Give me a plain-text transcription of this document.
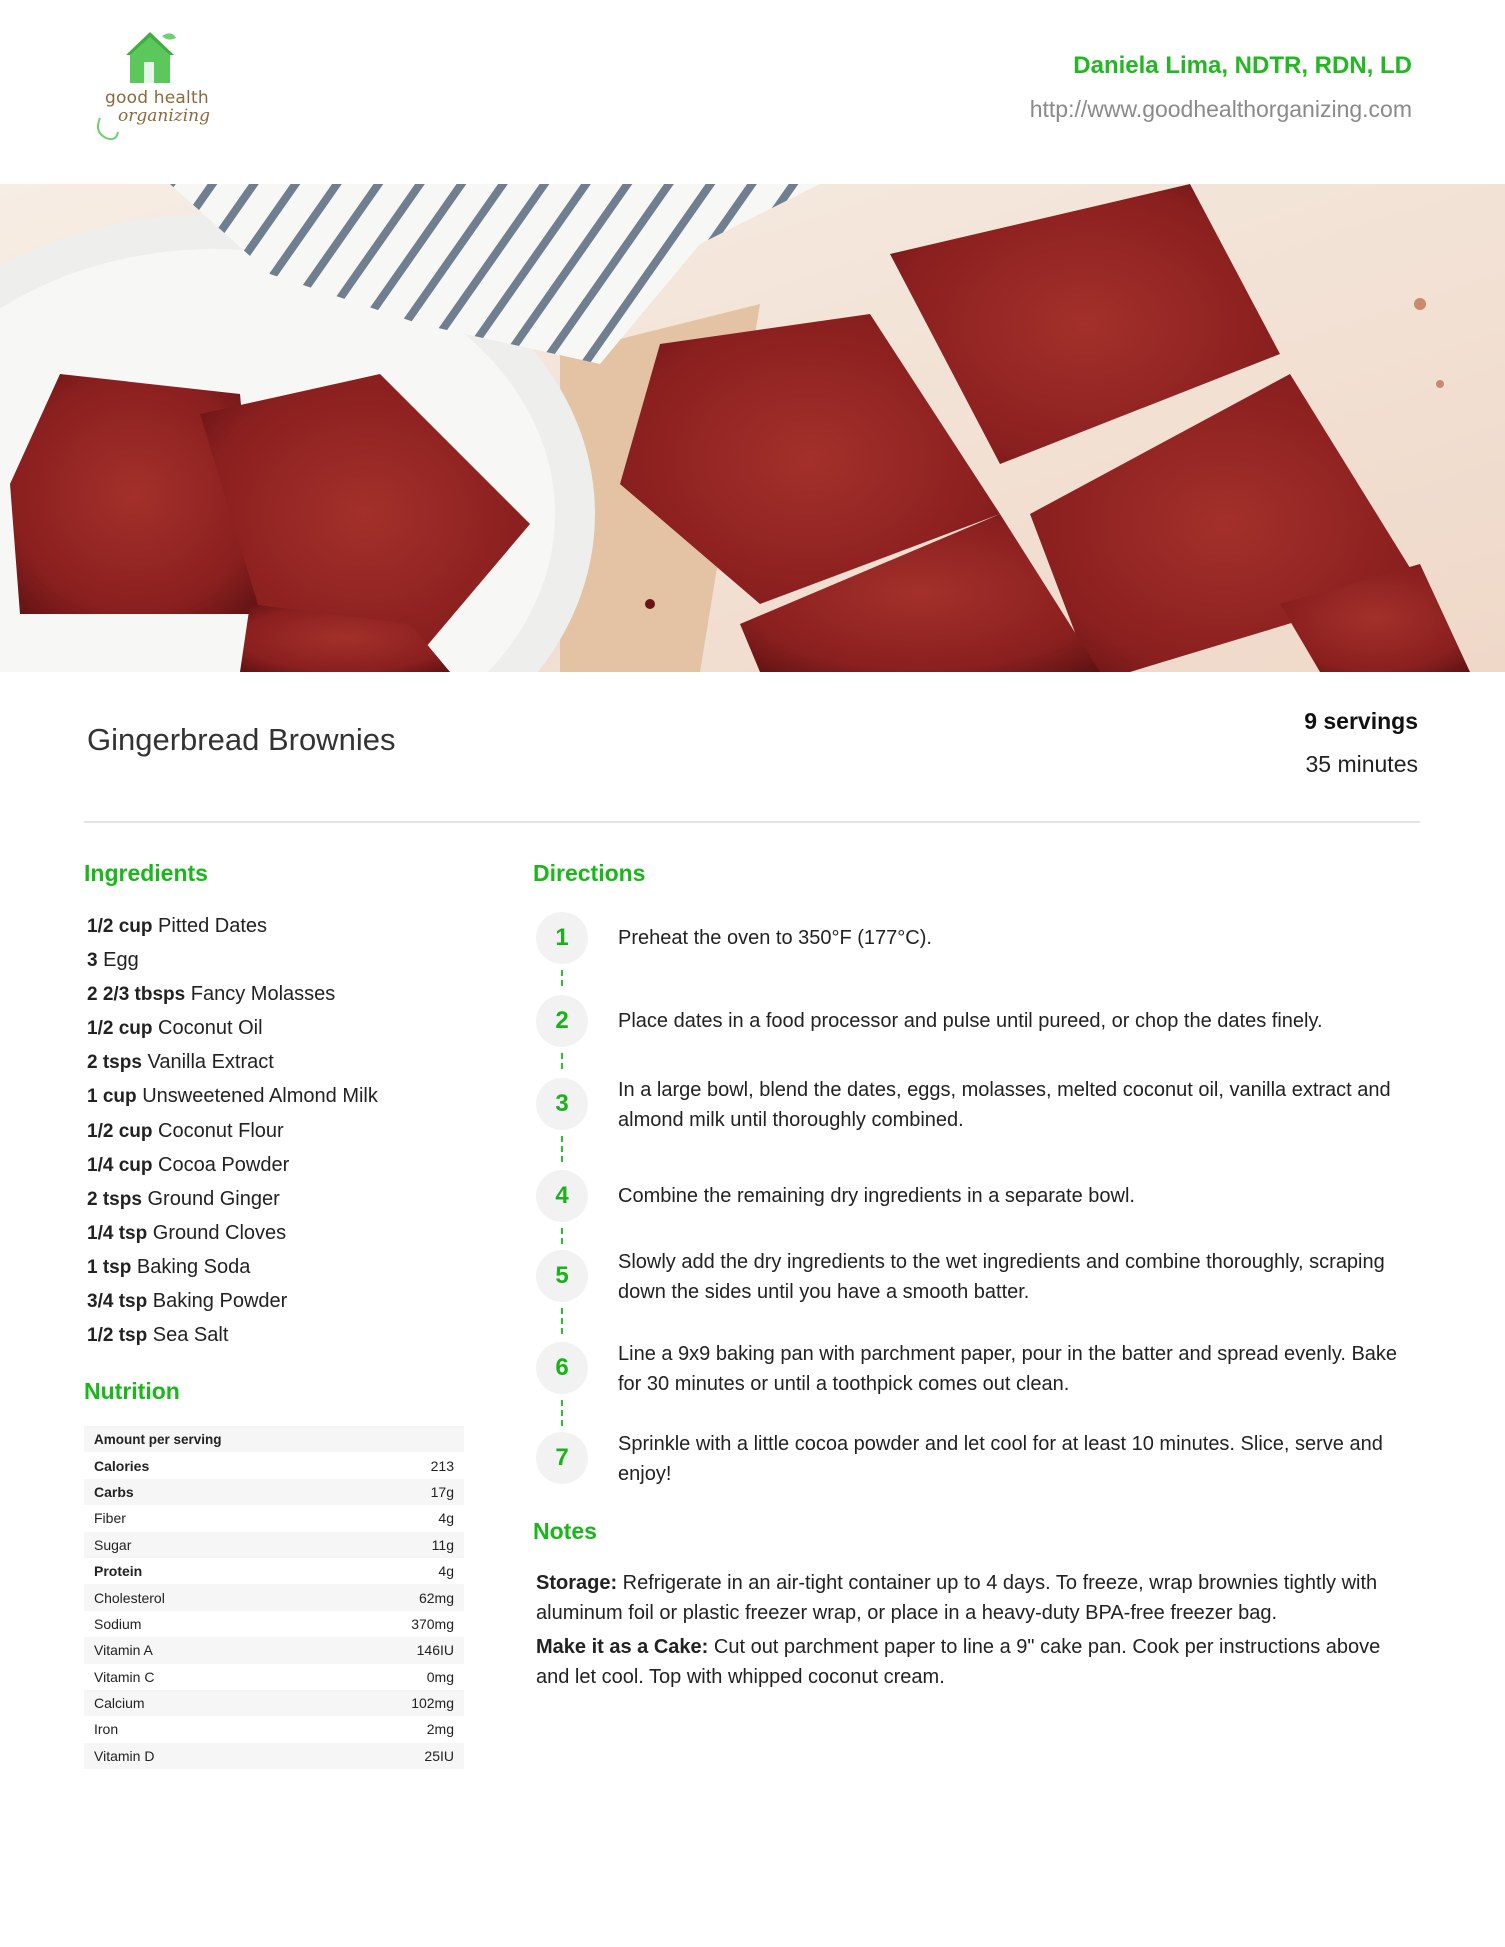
good health
organizing
Daniela Lima, NDTR, RDN, LD
http://www.goodhealthorganizing.com
Gingerbread Brownies
9 servings
35 minutes
Ingredients
1/2 cup Pitted Dates
3 Egg
2 2/3 tbsps Fancy Molasses
1/2 cup Coconut Oil
2 tsps Vanilla Extract
1 cup Unsweetened Almond Milk
1/2 cup Coconut Flour
1/4 cup Cocoa Powder
2 tsps Ground Ginger
1/4 tsp Ground Cloves
1 tsp Baking Soda
3/4 tsp Baking Powder
1/2 tsp Sea Salt
Nutrition
Amount per serving	
Calories	213
Carbs	17g
Fiber	4g
Sugar	11g
Protein	4g
Cholesterol	62mg
Sodium	370mg
Vitamin A	146IU
Vitamin C	0mg
Calcium	102mg
Iron	2mg
Vitamin D	25IU
Directions
1	Preheat the oven to 350°F (177°C).
2	Place dates in a food processor and pulse until pureed, or chop the dates finely.
3	In a large bowl, blend the dates, eggs, molasses, melted coconut oil, vanilla extract and almond milk until thoroughly combined.
4	Combine the remaining dry ingredients in a separate bowl.
5	Slowly add the dry ingredients to the wet ingredients and combine thoroughly, scraping down the sides until you have a smooth batter.
6	Line a 9x9 baking pan with parchment paper, pour in the batter and spread evenly. Bake for 30 minutes or until a toothpick comes out clean.
7	Sprinkle with a little cocoa powder and let cool for at least 10 minutes. Slice, serve and enjoy!
Notes

Storage: Refrigerate in an air-tight container up to 4 days. To freeze, wrap brownies tightly with aluminum foil or plastic freezer wrap, or place in a heavy-duty BPA-free freezer bag.

Make it as a Cake: Cut out parchment paper to line a 9" cake pan. Cook per instructions above and let cool. Top with whipped coconut cream.
